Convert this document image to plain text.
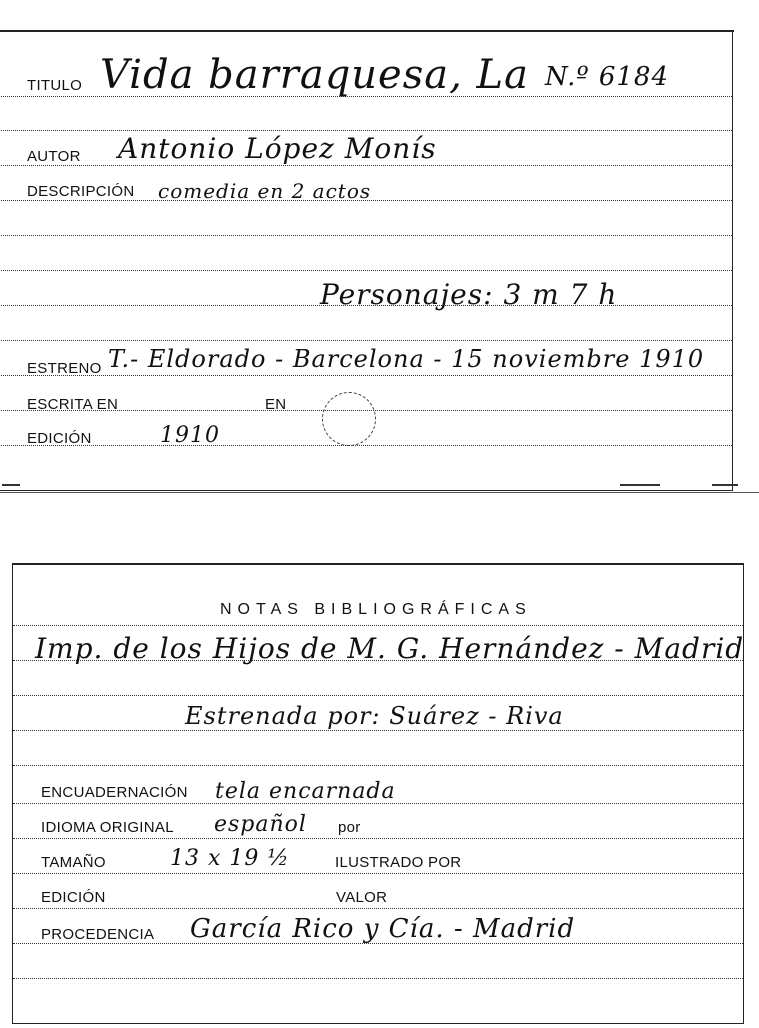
TITULO Vida barraquesa, La N.º 6184
AUTOR Antonio López Monís
DESCRIPCIÓN comedia en 2 actos
Personajes: 3 m 7 h
ESTRENO T.- Eldorado - Barcelona - 15 noviembre 1910
ESCRITA EN	EN
EDICIÓN	1910
NOTAS BIBLIOGRÁFICAS
Imp. de los Hijos de M. G. Hernández - Madrid
Estrenada por: Suárez - Riva
ENCUADERNACIÓN tela encarnada
IDIOMA ORIGINAL español por
TAMAÑO	13 x 19 ½	ILUSTRADO POR
EDICIÓN	VALOR
PROCEDENCIA García Rico y Cía. - Madrid
